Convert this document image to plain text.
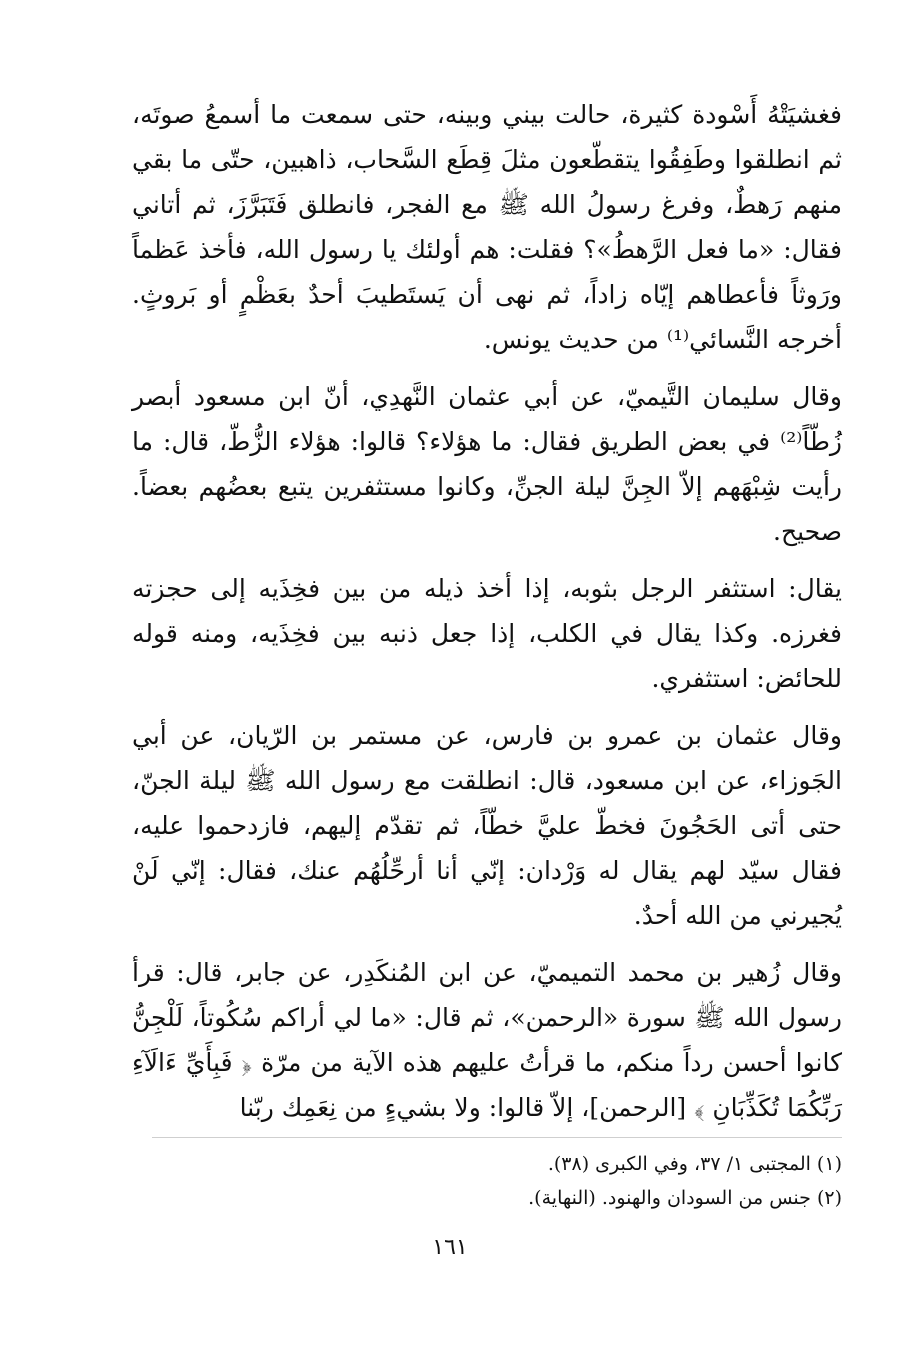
فغشيَتْهُ أَسْودة كثيرة، حالت بيني وبينه، حتى سمعت ما أسمعُ صوتَه، ثم انطلقوا وطَفِقُوا يتقطّعون مثلَ قِطَع السَّحاب، ذاهبين، حتّى ما بقي منهم رَهطٌ، وفرغ رسولُ الله ﷺ مع الفجر، فانطلق فَتَبَرَّزَ، ثم أتاني فقال: «ما فعل الرَّهطُ»؟ فقلت: هم أولئك يا رسول الله، فأخذ عَظماً ورَوثاً فأعطاهم إيّاه زاداً، ثم نهى أن يَستَطيبَ أحدٌ بعَظْمٍ أو بَروثٍ. أخرجه النَّسائي⁽¹⁾ من حديث يونس.

وقال سليمان التَّيميّ، عن أبي عثمان النَّهدِي، أنّ ابن مسعود أبصر زُطّاً⁽²⁾ في بعض الطريق فقال: ما هؤلاء؟ قالوا: هؤلاء الزُّطّ، قال: ما رأيت شِبْهَهم إلاّ الجِنَّ ليلة الجنِّ، وكانوا مستثفرين يتبع بعضُهم بعضاً. صحيح.

يقال: استثفر الرجل بثوبه، إذا أخذ ذيله من بين فخِذَيه إلى حجزته فغرزه. وكذا يقال في الكلب، إذا جعل ذنبه بين فخِذَيه، ومنه قوله للحائض: استثفري.

وقال عثمان بن عمرو بن فارس، عن مستمر بن الرّيان، عن أبي الجَوزاء، عن ابن مسعود، قال: انطلقت مع رسول الله ﷺ ليلة الجنّ، حتى أتى الحَجُونَ فخطّ عليَّ خطّاً، ثم تقدّم إليهم، فازدحموا عليه، فقال سيّد لهم يقال له وَرْدان: إنّي أنا أرحِّلُهُم عنك، فقال: إنّي لَنْ يُجيرني من الله أحدٌ.

وقال زُهير بن محمد التميميّ، عن ابن المُنكَدِر، عن جابر، قال: قرأ رسول الله ﷺ سورة «الرحمن»، ثم قال: «ما لي أراكم سُكُوتاً، لَلْجِنُّ كانوا أحسن رداً منكم، ما قرأتُ عليهم هذه الآية من مرّة ﴿ فَبِأَيِّ ءَالَآءِ رَبِّكُمَا تُكَذِّبَانِ ﴾ [الرحمن]، إلاّ قالوا: ولا بشيءٍ من نِعَمِك ربّنا

(١) المجتبى ١/ ٣٧، وفي الكبرى (٣٨).

(٢) جنس من السودان والهنود. (النهاية).

١٦١
